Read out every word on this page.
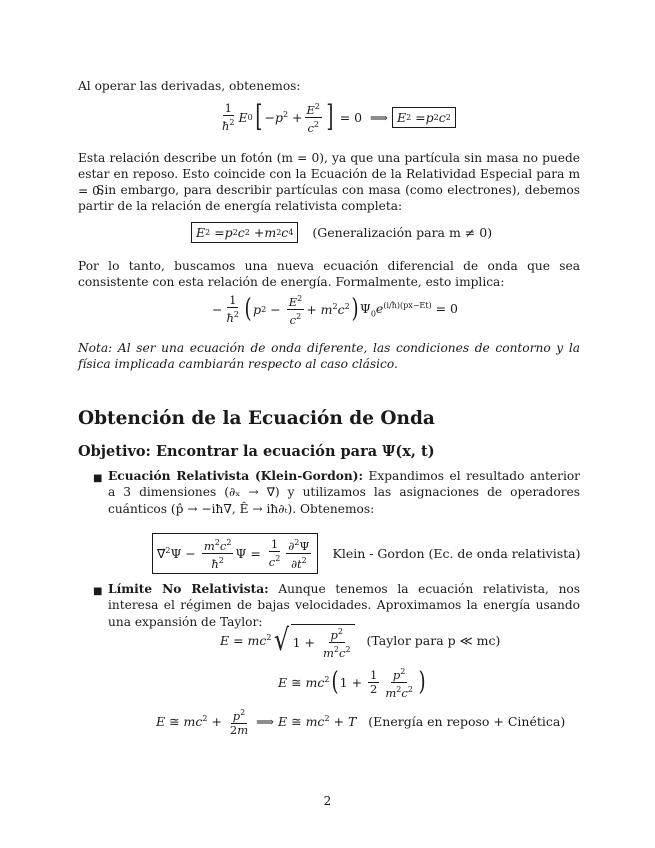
Al operar las derivadas, obtenemos:

$\frac{1}{ħ^2}$ E 0 [ $-p^2 + \frac{E^2}{c^2}$ ] = 0  ⟹ E 2 = p 2 c 2

Esta relación describe un fotón (m = 0), ya que una partícula sin masa no puede estar en reposo. Esto coincide con la Ecuación de la Relatividad Especial para m = 0.

Sin embargo, para describir partículas con masa (como electrones), debemos partir de la relación de energía relativista completa:

E 2 = p 2 c 2 + m 2 c 4 (Generalización para m ≠ 0)

Por lo tanto, buscamos una nueva ecuación diferencial de onda que sea consistente con esta relación de energía. Formalmente, esto implica:

− $\frac{1}{ħ^2}$ ( p $2 - \frac{E^2}{c^2} + m^2c^2$ ) $\Psi_0e^{(i/ħ)(px-Et)} = 0$

Nota: Al ser una ecuación de onda diferente, las condiciones de contorno y la física implicada cambiarán respecto al caso clásico.

Obtención de la Ecuación de Onda
Objetivo: Encontrar la ecuación para Ψ(x, t)
■ Ecuación Relativista (Klein-Gordon): Expandimos el resultado anterior a 3 dimensiones (∂ₓ → ∇⃗) y utilizamos las asignaciones de operadores cuánticos (p̂ → −iħ∇, Ê → iħ∂ₜ). Obtenemos:

∇⃗$^2$Ψ − $\frac{m^2c^2}{ħ^2}$ $\Psi = \frac{1}{c^2} \frac{\partial^2\Psi}{\partial t^2}$ Klein - Gordon (Ec. de onda relativista)
■ Límite No Relativista: Aunque tenemos la ecuación relativista, nos interesa el régimen de bajas velocidades. Aproximamos la energía usando una expansión de Taylor:

$E = mc^2$ √ $1 + \frac{p^2}{m^2c^2}$ (Taylor para p ≪ mc)
E ≅ $mc^2$ ( $1 + \frac{1}{2} \frac{p^2}{m^2c^2}$ )
E ≅ $mc^2 + \frac{p^2}{2m}$ ⟹ E ≅ $mc^2 + T$ (Energía en reposo + Cinética)
2
